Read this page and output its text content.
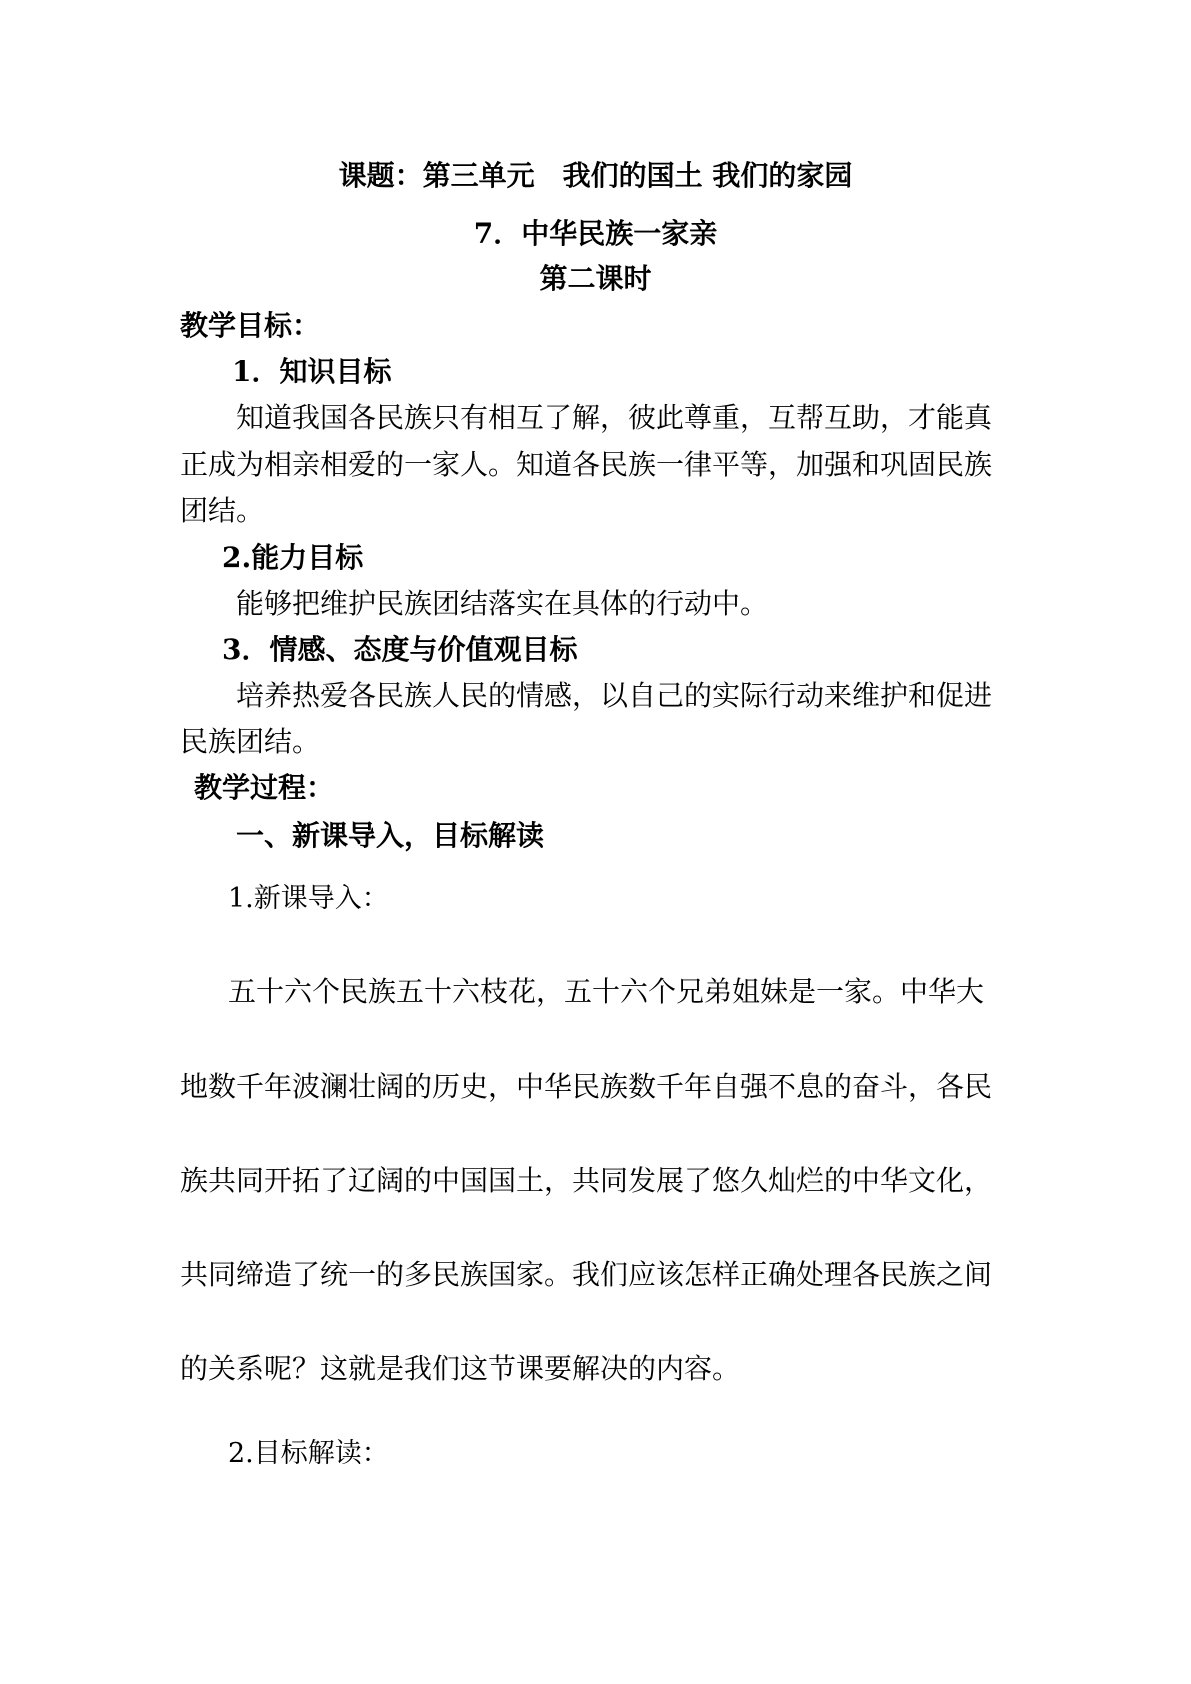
课题：第三单元　我们的国土 我们的家园
7．中华民族一家亲
第二课时
教学目标：
1．知识目标
知道我国各民族只有相互了解，彼此尊重，互帮互助，才能真
正成为相亲相爱的一家人。知道各民族一律平等，加强和巩固民族
团结。
2.能力目标
能够把维护民族团结落实在具体的行动中。
3．情感、态度与价值观目标
培养热爱各民族人民的情感，以自己的实际行动来维护和促进
民族团结。
教学过程：
一、新课导入，目标解读
1.新课导入：
五十六个民族五十六枝花，五十六个兄弟姐妹是一家。中华大
地数千年波澜壮阔的历史，中华民族数千年自强不息的奋斗，各民
族共同开拓了辽阔的中国国土，共同发展了悠久灿烂的中华文化，
共同缔造了统一的多民族国家。我们应该怎样正确处理各民族之间
的关系呢？这就是我们这节课要解决的内容。
2.目标解读：
